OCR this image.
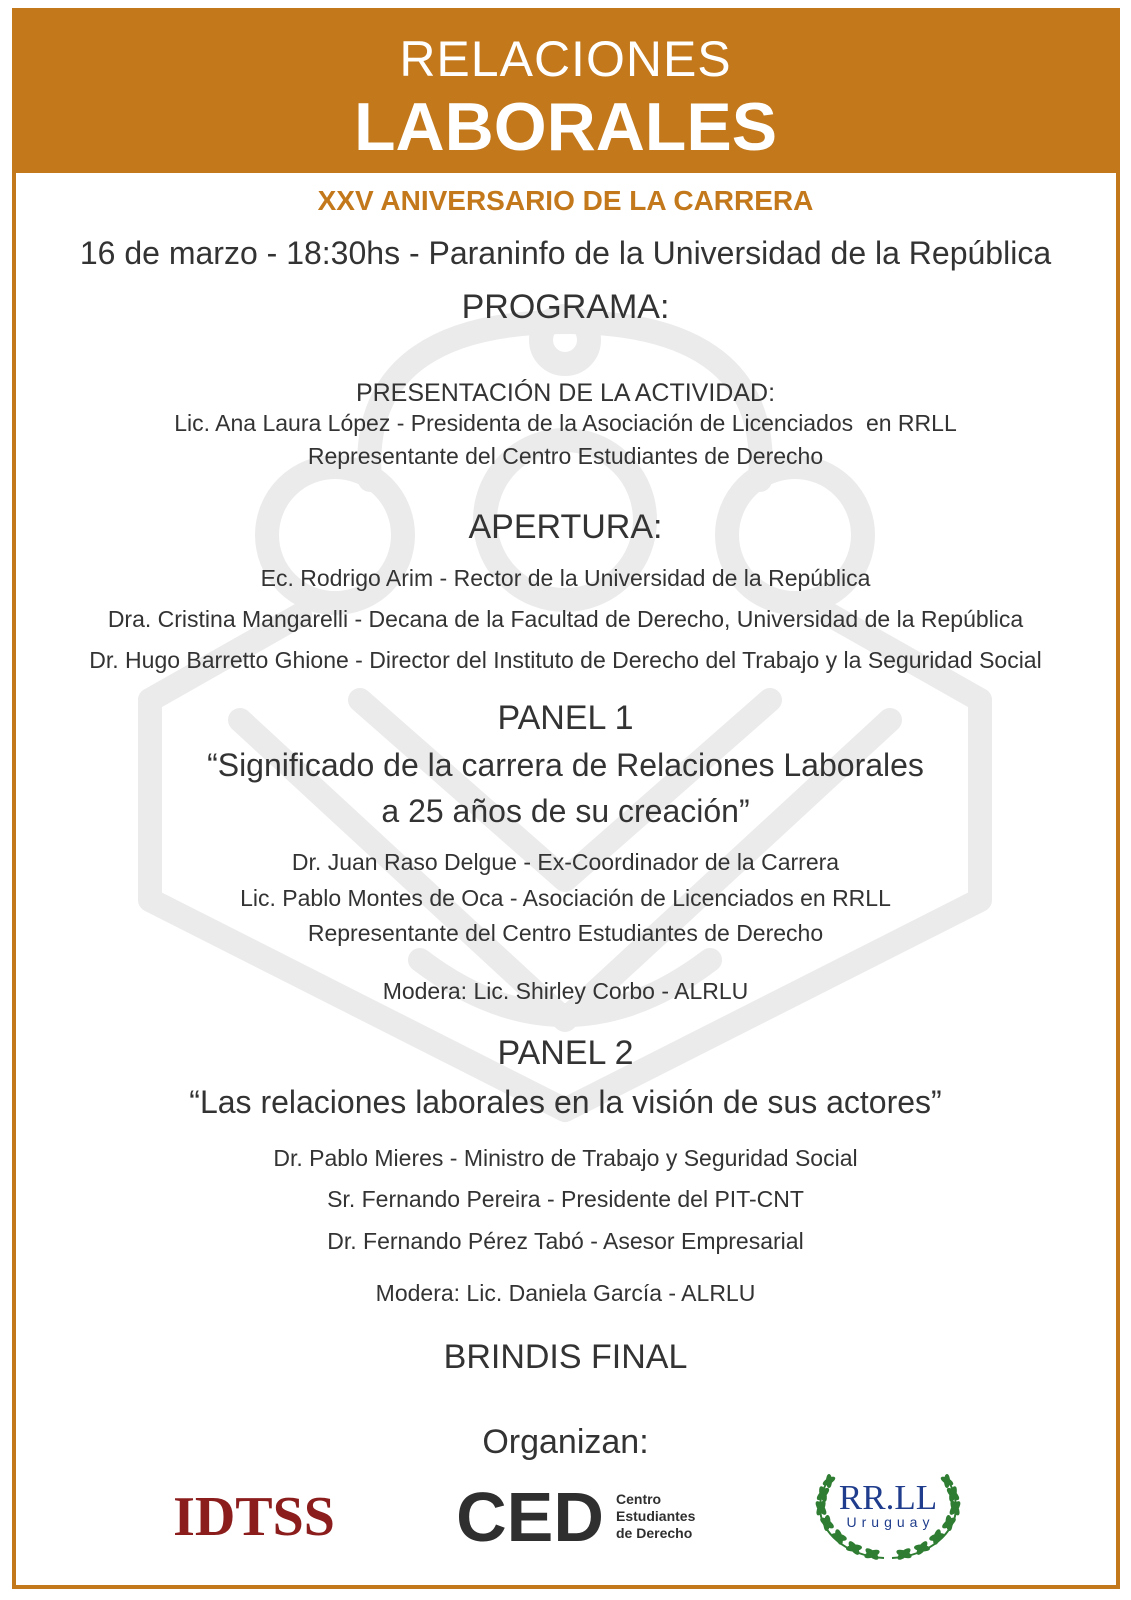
RELACIONES
LABORALES
XXV ANIVERSARIO DE LA CARRERA
16 de marzo - 18:30hs - Paraninfo de la Universidad de la República
PROGRAMA:
PRESENTACIÓN DE LA ACTIVIDAD:
Lic. Ana Laura López - Presidenta de la Asociación de Licenciados  en RRLL
Representante del Centro Estudiantes de Derecho
APERTURA:
Ec. Rodrigo Arim - Rector de la Universidad de la República
Dra. Cristina Mangarelli - Decana de la Facultad de Derecho, Universidad de la República
Dr. Hugo Barretto Ghione - Director del Instituto de Derecho del Trabajo y la Seguridad Social
PANEL 1
“Significado de la carrera de Relaciones Laborales
a 25 años de su creación”
Dr. Juan Raso Delgue - Ex-Coordinador de la Carrera
Lic. Pablo Montes de Oca - Asociación de Licenciados en RRLL
Representante del Centro Estudiantes de Derecho
Modera: Lic. Shirley Corbo - ALRLU
PANEL 2
“Las relaciones laborales en la visión de sus actores”
Dr. Pablo Mieres - Ministro de Trabajo y Seguridad Social
Sr. Fernando Pereira - Presidente del PIT-CNT
Dr. Fernando Pérez Tabó - Asesor Empresarial
Modera: Lic. Daniela García - ALRLU
BRINDIS FINAL
Organizan:
IDTSS CED Centro
Estudiantes
de Derecho
RR.LL
Uruguay
